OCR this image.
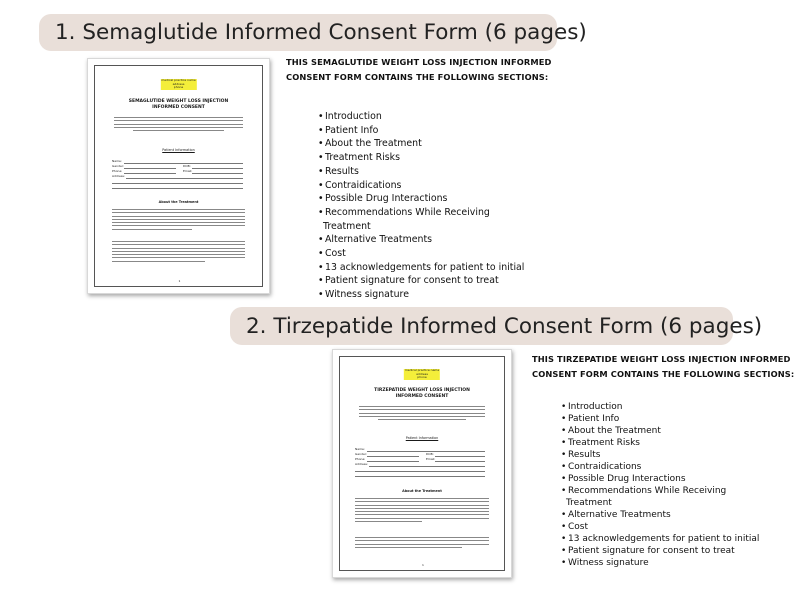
1. Semaglutide Informed Consent Form (6 pages)
THIS SEMAGLUTIDE WEIGHT LOSS INJECTION INFORMED
CONSENT FORM CONTAINS THE FOLLOWING SECTIONS:
• Introduction
• Patient Info
• About the Treatment
• Treatment Risks
• Results
• Contraidications
• Possible Drug Interactions
• Recommendations While Receiving
Treatment
• Alternative Treatments
• Cost
• 13 acknowledgements for patient to initial
• Patient signature for consent to treat
• Witness signature
medical practice name
address
phone
SEMAGLUTIDE WEIGHT LOSS INJECTION
INFORMED CONSENT
Patient Information
Name:
Gender:	DOB:
Phone:	Email:
Address:
About the Treatment
1
2. Tirzepatide Informed Consent Form (6 pages)
THIS TIRZEPATIDE WEIGHT LOSS INJECTION INFORMED
CONSENT FORM CONTAINS THE FOLLOWING SECTIONS:
• Introduction
• Patient Info
• About the Treatment
• Treatment Risks
• Results
• Contraidications
• Possible Drug Interactions
• Recommendations While Receiving
Treatment
• Alternative Treatments
• Cost
• 13 acknowledgements for patient to initial
• Patient signature for consent to treat
• Witness signature
medical practice name
address
phone
TIRZEPATIDE WEIGHT LOSS INJECTION
INFORMED CONSENT
Patient Information
Name:
Gender:	DOB:
Phone:	Email:
Address:
About the Treatment
1
